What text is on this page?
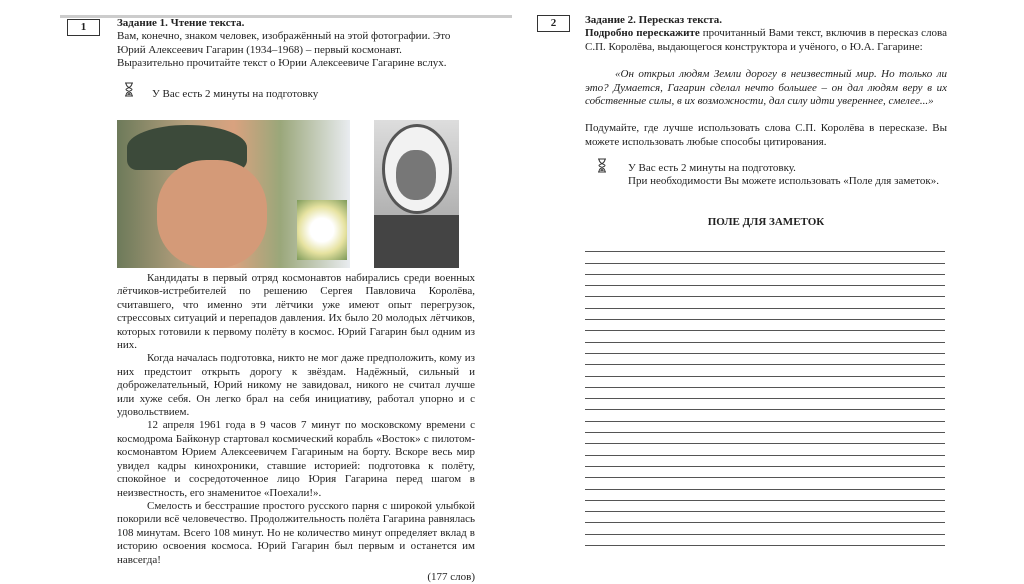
1	Задание 1. Чтение текста.
Вам, конечно, знаком человек, изображённый на этой фотографии. Это Юрий Алексеевич Гагарин (1934–1968) – первый космонавт.
Выразительно прочитайте текст о Юрии Алексеевиче Гагарине вслух.
У Вас есть 2 минуты на подготовку

Кандидаты в первый отряд космонавтов набирались среди военных лётчиков-истребителей по решению Сергея Павловича Королёва, считавшего, что именно эти лётчики уже имеют опыт перегрузок, стрессовых ситуаций и перепадов давления. Их было 20 молодых лётчиков, которых готовили к первому полёту в космос. Юрий Гагарин был одним из них.

Когда началась подготовка, никто не мог даже предположить, кому из них предстоит открыть дорогу к звёздам. Надёжный, сильный и доброжелательный, Юрий никому не завидовал, никого не считал лучше или хуже себя. Он легко брал на себя инициативу, работал упорно и с удовольствием.

12 апреля 1961 года в 9 часов 7 минут по московскому времени с космодрома Байконур стартовал космический корабль «Восток» с пилотом-космонавтом Юрием Алексеевичем Гагариным на борту. Вскоре весь мир увидел кадры кинохроники, ставшие историей: подготовка к полёту, спокойное и сосредоточенное лицо Юрия Гагарина перед шагом в неизвестность, его знаменитое «Поехали!».

Смелость и бесстрашие простого русского парня с широкой улыбкой покорили всё человечество. Продолжительность полёта Гагарина равнялась 108 минутам. Всего 108 минут. Но не количество минут определяет вклад в историю освоения космоса. Юрий Гагарин был первым и останется им навсегда!

(177 слов)
2	Задание 2. Пересказ текста.
Подробно перескажите прочитанный Вами текст, включив в пересказ слова С.П. Королёва, выдающегося конструктора и учёного, о Ю.А. Гагарине:
«Он открыл людям Земли дорогу в неизвестный мир. Но только ли это? Думается, Гагарин сделал нечто большее – он дал людям веру в их собственные силы, в их возможности, дал силу идти увереннее, смелее...»
Подумайте, где лучше использовать слова С.П. Королёва в пересказе. Вы можете использовать любые способы цитирования.
У Вас есть 2 минуты на подготовку.
При необходимости Вы можете использовать «Поле для заметок».
ПОЛЕ ДЛЯ ЗАМЕТОК
